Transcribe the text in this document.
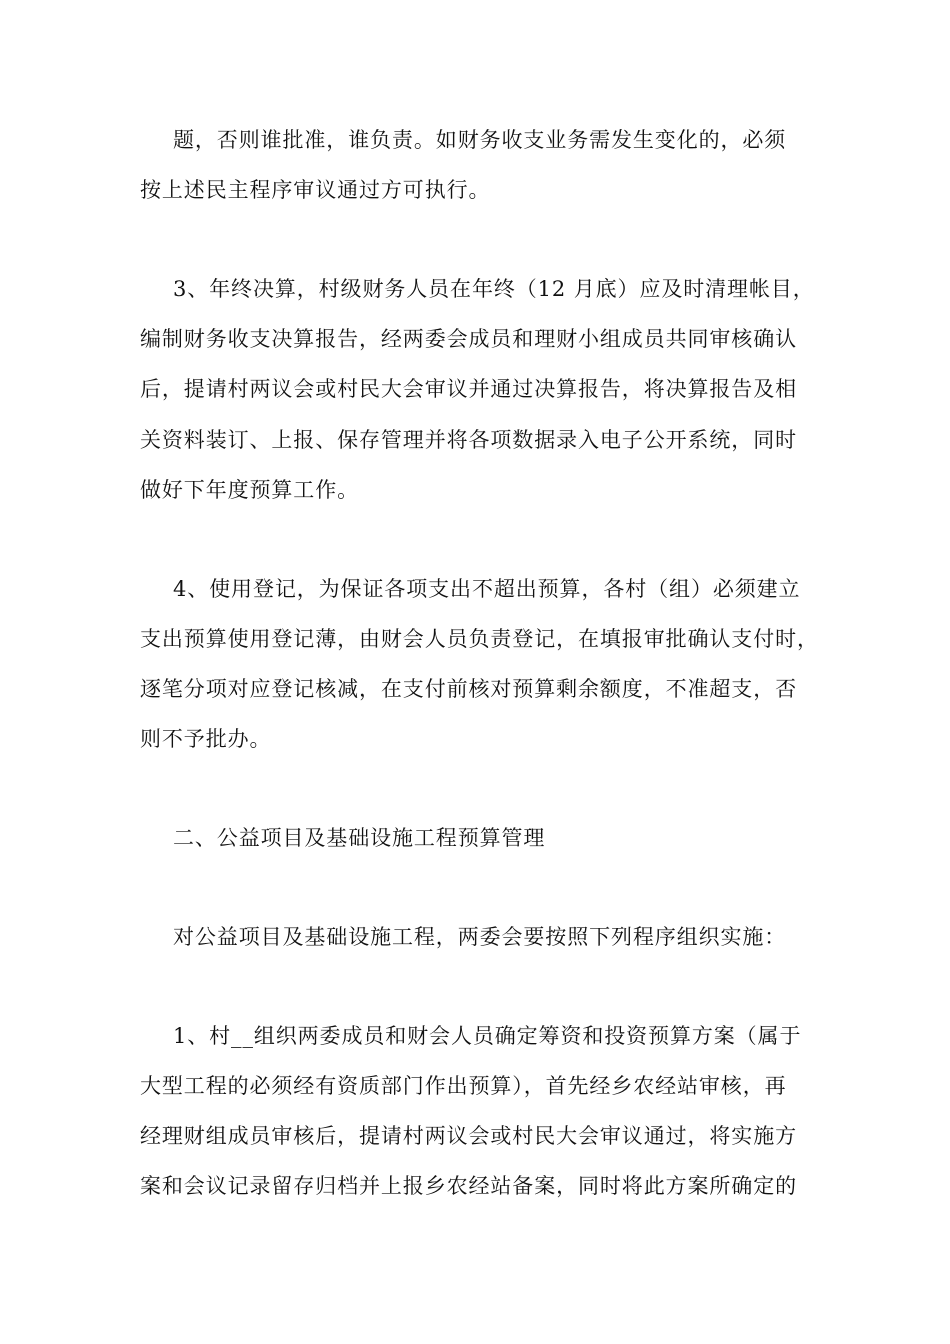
题，否则谁批准，谁负责。如财务收支业务需发生变化的，必须
按上述民主程序审议通过方可执行。
3、年终决算，村级财务人员在年终（12 月底）应及时清理帐目，
编制财务收支决算报告，经两委会成员和理财小组成员共同审核确认
后，提请村两议会或村民大会审议并通过决算报告，将决算报告及相
关资料装订、上报、保存管理并将各项数据录入电子公开系统，同时
做好下年度预算工作。
4、使用登记，为保证各项支出不超出预算，各村（组）必须建立
支出预算使用登记薄，由财会人员负责登记，在填报审批确认支付时，
逐笔分项对应登记核减，在支付前核对预算剩余额度，不准超支，否
则不予批办。
二、公益项目及基础设施工程预算管理
对公益项目及基础设施工程，两委会要按照下列程序组织实施：
1、村__组织两委成员和财会人员确定筹资和投资预算方案（属于
大型工程的必须经有资质部门作出预算），首先经乡农经站审核，再
经理财组成员审核后，提请村两议会或村民大会审议通过，将实施方
案和会议记录留存归档并上报乡农经站备案，同时将此方案所确定的
